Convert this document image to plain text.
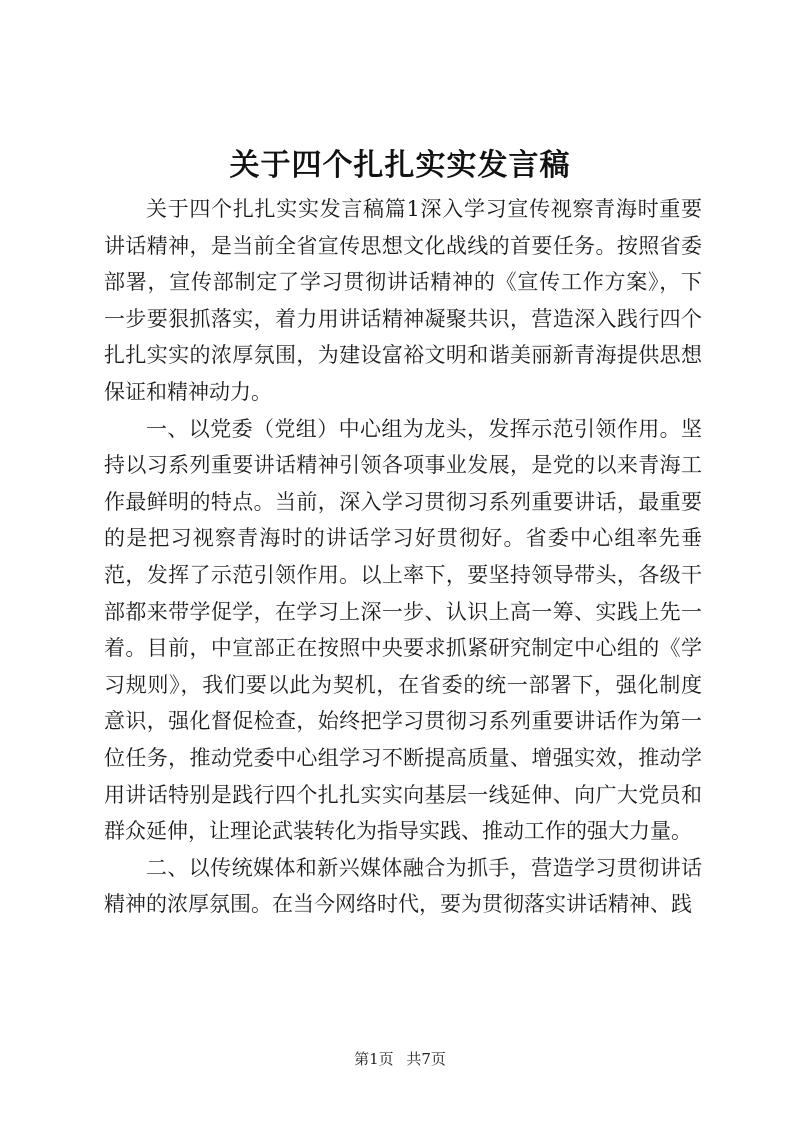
关于四个扎扎实实发言稿

关于四个扎扎实实发言稿篇1深入学习宣传视察青海时重要讲话精神，是当前全省宣传思想文化战线的首要任务。按照省委部署，宣传部制定了学习贯彻讲话精神的《宣传工作方案》，下一步要狠抓落实，着力用讲话精神凝聚共识，营造深入践行四个扎扎实实的浓厚氛围，为建设富裕文明和谐美丽新青海提供思想保证和精神动力。

一、以党委（党组）中心组为龙头，发挥示范引领作用。坚持以习系列重要讲话精神引领各项事业发展，是党的以来青海工作最鲜明的特点。当前，深入学习贯彻习系列重要讲话，最重要的是把习视察青海时的讲话学习好贯彻好。省委中心组率先垂范，发挥了示范引领作用。以上率下，要坚持领导带头，各级干部都来带学促学，在学习上深一步、认识上高一筹、实践上先一着。目前，中宣部正在按照中央要求抓紧研究制定中心组的《学习规则》，我们要以此为契机，在省委的统一部署下，强化制度意识，强化督促检查，始终把学习贯彻习系列重要讲话作为第一位任务，推动党委中心组学习不断提高质量、增强实效，推动学用讲话特别是践行四个扎扎实实向基层一线延伸、向广大党员和群众延伸，让理论武装转化为指导实践、推动工作的强大力量。

二、以传统媒体和新兴媒体融合为抓手，营造学习贯彻讲话精神的浓厚氛围。在当今网络时代，要为贯彻落实讲话精神、践

第1页 共7页
